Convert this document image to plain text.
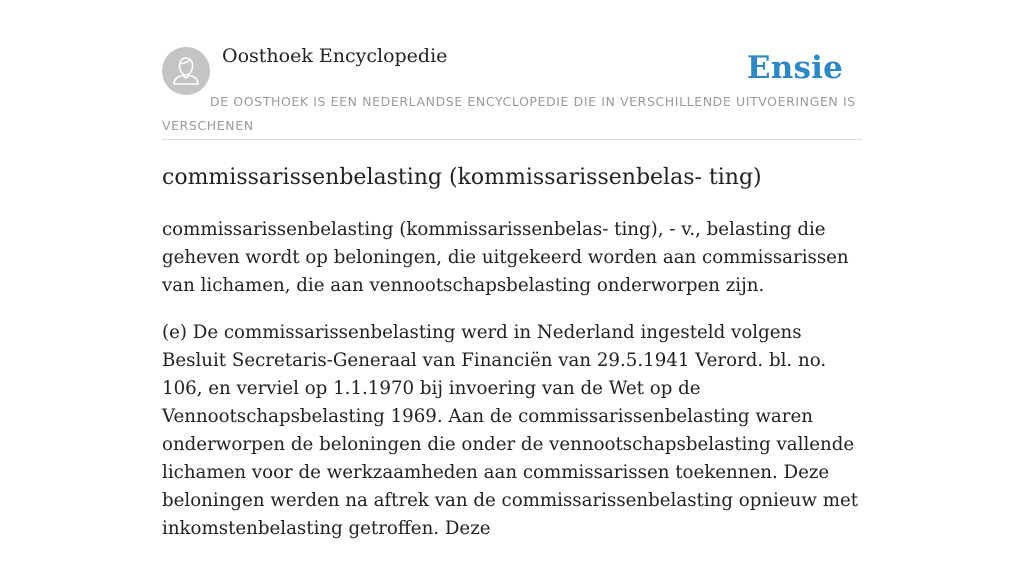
Oosthoek Encyclopedie	Ensie
DE OOSTHOEK IS EEN NEDERLANDSE ENCYCLOPEDIE DIE IN VERSCHILLENDE UITVOERINGEN IS VERSCHENEN
commissarissenbelasting (kommissarissenbelas- ting)

commissarissenbelasting (kommissarissenbelas- ting), - v., belasting die geheven wordt op beloningen, die uitgekeerd worden aan commissarissen van lichamen, die aan vennootschapsbelasting onderworpen zijn.

(e) De commissarissenbelasting werd in Nederland ingesteld volgens Besluit Secretaris-Generaal van Financiën van 29.5.1941 Verord. bl. no. 106, en verviel op 1.1.1970 bij invoering van de Wet op de Vennootschapsbelasting 1969. Aan de commissarissenbelasting waren onderworpen de beloningen die onder de vennootschapsbelasting vallende lichamen voor de werkzaamheden aan commissarissen toekennen. Deze beloningen werden na aftrek van de commissarissenbelasting opnieuw met inkomstenbelasting getroffen. Deze
